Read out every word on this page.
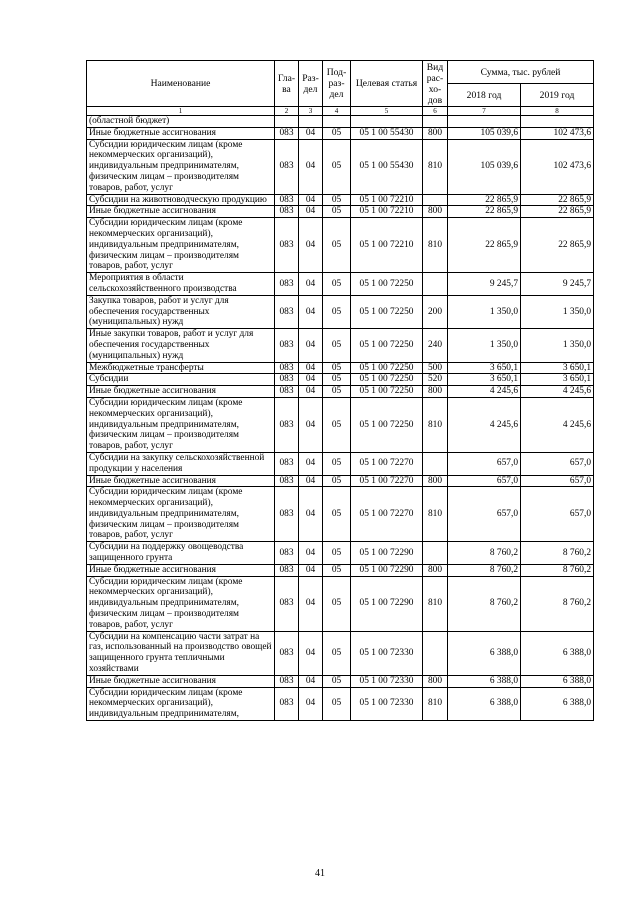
Наименование	Гла-ва	Раз-дел	Под-раз-дел	Целевая статья	Вид рас-хо-дов	Сумма, тыс. рублей	
						2018 год	2019 год
1	2	3	4	5	6	7	8
(областной бюджет)							
Иные бюджетные ассигнования	083	04	05	05 1 00 55430	800	105 039,6	102 473,6
Субсидии юридическим лицам (кроме некоммерческих организаций), индивидуальным предпринимателям, физическим лицам – производителям товаров, работ, услуг	083	04	05	05 1 00 55430	810	105 039,6	102 473,6
Субсидии на животноводческую продукцию	083	04	05	05 1 00 72210		22 865,9	22 865,9
Иные бюджетные ассигнования	083	04	05	05 1 00 72210	800	22 865,9	22 865,9
Субсидии юридическим лицам (кроме некоммерческих организаций), индивидуальным предпринимателям, физическим лицам – производителям товаров, работ, услуг	083	04	05	05 1 00 72210	810	22 865,9	22 865,9
Мероприятия в области сельскохозяйственного производства	083	04	05	05 1 00 72250		9 245,7	9 245,7
Закупка товаров, работ и услуг для обеспечения государственных (муниципальных) нужд	083	04	05	05 1 00 72250	200	1 350,0	1 350,0
Иные закупки товаров, работ и услуг для обеспечения государственных (муниципальных) нужд	083	04	05	05 1 00 72250	240	1 350,0	1 350,0
Межбюджетные трансферты	083	04	05	05 1 00 72250	500	3 650,1	3 650,1
Субсидии	083	04	05	05 1 00 72250	520	3 650,1	3 650,1
Иные бюджетные ассигнования	083	04	05	05 1 00 72250	800	4 245,6	4 245,6
Субсидии юридическим лицам (кроме некоммерческих организаций), индивидуальным предпринимателям, физическим лицам – производителям товаров, работ, услуг	083	04	05	05 1 00 72250	810	4 245,6	4 245,6
Субсидии на закупку сельскохозяйственной продукции у населения	083	04	05	05 1 00 72270		657,0	657,0
Иные бюджетные ассигнования	083	04	05	05 1 00 72270	800	657,0	657,0
Субсидии юридическим лицам (кроме некоммерческих организаций), индивидуальным предпринимателям, физическим лицам – производителям товаров, работ, услуг	083	04	05	05 1 00 72270	810	657,0	657,0
Субсидии на поддержку овощеводства защищенного грунта	083	04	05	05 1 00 72290		8 760,2	8 760,2
Иные бюджетные ассигнования	083	04	05	05 1 00 72290	800	8 760,2	8 760,2
Субсидии юридическим лицам (кроме некоммерческих организаций), индивидуальным предпринимателям, физическим лицам – производителям товаров, работ, услуг	083	04	05	05 1 00 72290	810	8 760,2	8 760,2
Субсидии на компенсацию части затрат на газ, использованный на производство овощей защищенного грунта тепличными хозяйствами	083	04	05	05 1 00 72330		6 388,0	6 388,0
Иные бюджетные ассигнования	083	04	05	05 1 00 72330	800	6 388,0	6 388,0
Субсидии юридическим лицам (кроме некоммерческих организаций), индивидуальным предпринимателям,	083	04	05	05 1 00 72330	810	6 388,0	6 388,0
41
